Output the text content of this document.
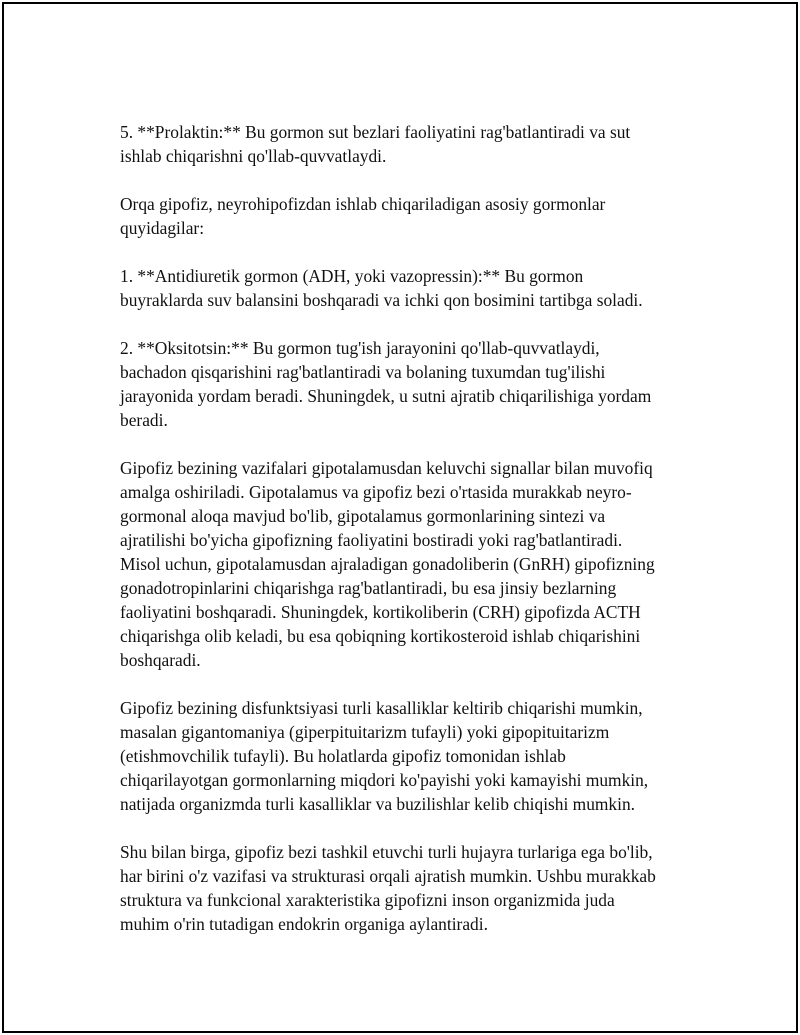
5. **Prolaktin:** Bu gormon sut bezlari faoliyatini rag'batlantiradi va sut
ishlab chiqarishni qo'llab-quvvatlaydi.

Orqa gipofiz, neyrohipofizdan ishlab chiqariladigan asosiy gormonlar
quyidagilar:

1. **Antidiuretik gormon (ADH, yoki vazopressin):** Bu gormon
buyraklarda suv balansini boshqaradi va ichki qon bosimini tartibga soladi.

2. **Oksitotsin:** Bu gormon tug'ish jarayonini qo'llab-quvvatlaydi,
bachadon qisqarishini rag'batlantiradi va bolaning tuxumdan tug'ilishi
jarayonida yordam beradi. Shuningdek, u sutni ajratib chiqarilishiga yordam
beradi.

Gipofiz bezining vazifalari gipotalamusdan keluvchi signallar bilan muvofiq
amalga oshiriladi. Gipotalamus va gipofiz bezi o'rtasida murakkab neyro-
gormonal aloqa mavjud bo'lib, gipotalamus gormonlarining sintezi va
ajratilishi bo'yicha gipofizning faoliyatini bostiradi yoki rag'batlantiradi.
Misol uchun, gipotalamusdan ajraladigan gonadoliberin (GnRH) gipofizning
gonadotropinlarini chiqarishga rag'batlantiradi, bu esa jinsiy bezlarning
faoliyatini boshqaradi. Shuningdek, kortikoliberin (CRH) gipofizda ACTH
chiqarishga olib keladi, bu esa qobiqning kortikosteroid ishlab chiqarishini
boshqaradi.

Gipofiz bezining disfunktsiyasi turli kasalliklar keltirib chiqarishi mumkin,
masalan gigantomaniya (giperpituitarizm tufayli) yoki gipopituitarizm
(etishmovchilik tufayli). Bu holatlarda gipofiz tomonidan ishlab
chiqarilayotgan gormonlarning miqdori ko'payishi yoki kamayishi mumkin,
natijada organizmda turli kasalliklar va buzilishlar kelib chiqishi mumkin.

Shu bilan birga, gipofiz bezi tashkil etuvchi turli hujayra turlariga ega bo'lib,
har birini o'z vazifasi va strukturasi orqali ajratish mumkin. Ushbu murakkab
struktura va funkcional xarakteristika gipofizni inson organizmida juda
muhim o'rin tutadigan endokrin organiga aylantiradi.
